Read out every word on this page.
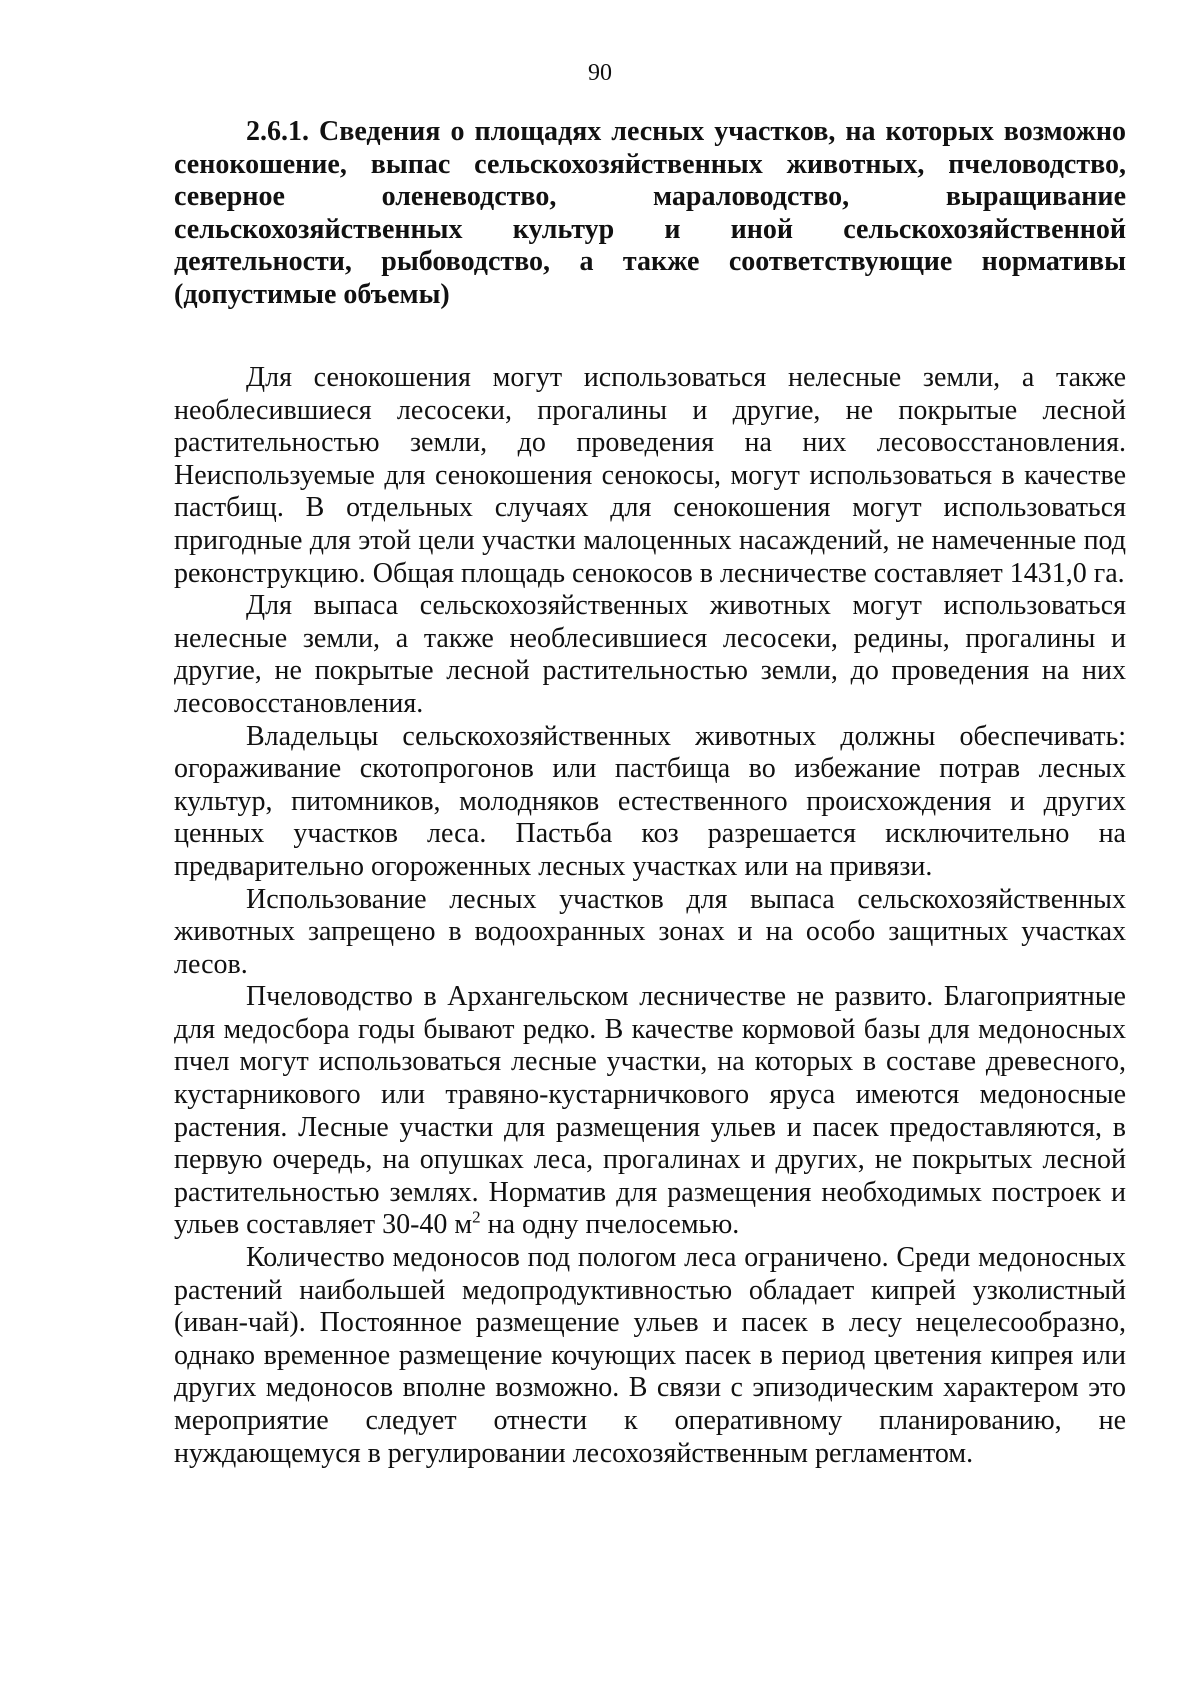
90
2.6.1. Сведения о площадях лесных участков, на которых возможно сенокошение, выпас сельскохозяйственных животных, пчеловодство, северное оленеводство, мараловодство, выращивание сельскохозяйственных культур и иной сельскохозяйственной деятельности, рыбоводство, а также соответствующие нормативы (допустимые объемы)

Для сенокошения могут использоваться нелесные земли, а также необлесившиеся лесосеки, прогалины и другие, не покрытые лесной растительностью земли, до проведения на них лесовосстановления. Неиспользуемые для сенокошения сенокосы, могут использоваться в качестве пастбищ. В отдельных случаях для сенокошения могут использоваться пригодные для этой цели участки малоценных насаждений, не намеченные под реконструкцию. Общая площадь сенокосов в лесничестве составляет 1431,0 га.

Для выпаса сельскохозяйственных животных могут использоваться нелесные земли, а также необлесившиеся лесосеки, редины, прогалины и другие, не покрытые лесной растительностью земли, до проведения на них лесовосстановления.

Владельцы сельскохозяйственных животных должны обеспечивать: огораживание скотопрогонов или пастбища во избежание потрав лесных культур, питомников, молодняков естественного происхождения и других ценных участков леса. Пастьба коз разрешается исключительно на предварительно огороженных лесных участках или на привязи.

Использование лесных участков для выпаса сельскохозяйственных животных запрещено в водоохранных зонах и на особо защитных участках лесов.

Пчеловодство в Архангельском лесничестве не развито. Благоприятные для медосбора годы бывают редко. В качестве кормовой базы для медоносных пчел могут использоваться лесные участки, на которых в составе древесного, кустарникового или травяно-кустарничкового яруса имеются медоносные растения. Лесные участки для размещения ульев и пасек предоставляются, в первую очередь, на опушках леса, прогалинах и других, не покрытых лесной растительностью землях. Норматив для размещения необходимых построек и ульев составляет 30-40 $м^2$ на одну пчелосемью.

Количество медоносов под пологом леса ограничено. Среди медоносных растений наибольшей медопродуктивностью обладает кипрей узколистный (иван-чай). Постоянное размещение ульев и пасек в лесу нецелесообразно, однако временное размещение кочующих пасек в период цветения кипрея или других медоносов вполне возможно. В связи с эпизодическим характером это мероприятие следует отнести к оперативному планированию, не нуждающемуся в регулировании лесохозяйственным регламентом.
